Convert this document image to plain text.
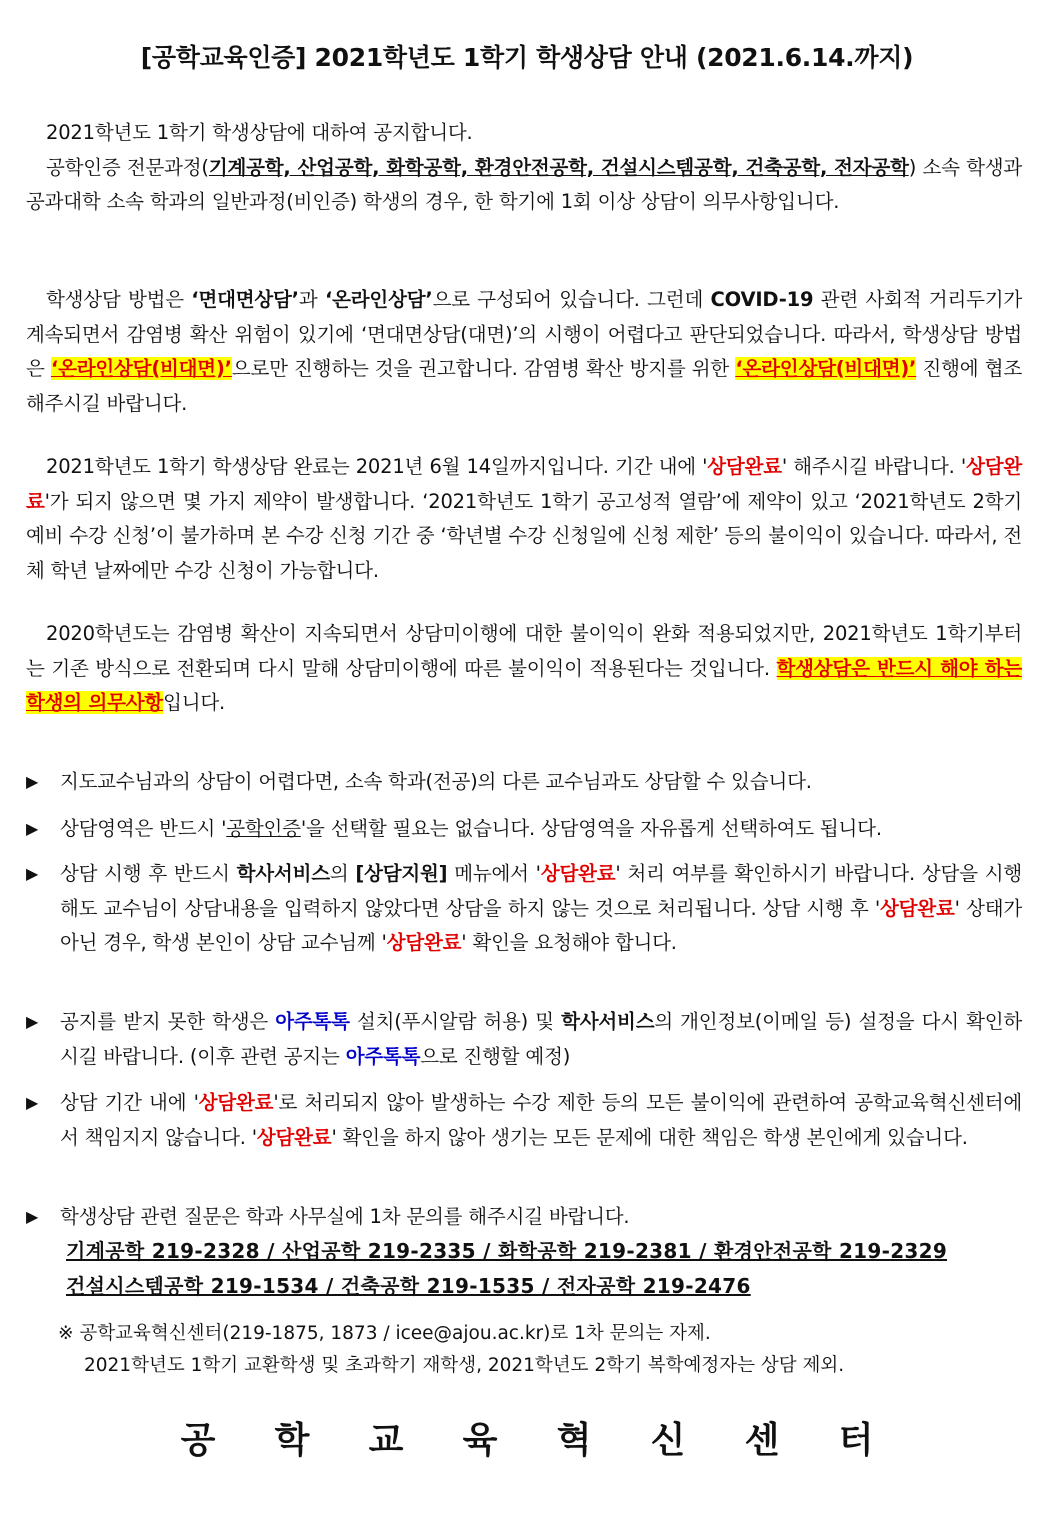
[공학교육인증] 2021학년도 1학기 학생상담 안내 (2021.6.14.까지)
2021학년도 1학기 학생상담에 대하여 공지합니다.
공학인증 전문과정(기계공학, 산업공학, 화학공학, 환경안전공학, 건설시스템공학, 건축공학, 전자공학) 소속 학생과 공과대학 소속 학과의 일반과정(비인증) 학생의 경우, 한 학기에 1회 이상 상담이 의무사항입니다.
학생상담 방법은 ‘면대면상담’과 ‘온라인상담’으로 구성되어 있습니다. 그런데 COVID-19 관련 사회적 거리두기가 계속되면서 감염병 확산 위험이 있기에 ‘면대면상담(대면)’의 시행이 어렵다고 판단되었습니다. 따라서, 학생상담 방법은 ‘온라인상담(비대면)’으로만 진행하는 것을 권고합니다. 감염병 확산 방지를 위한 ‘온라인상담(비대면)’ 진행에 협조해주시길 바랍니다.
2021학년도 1학기 학생상담 완료는 2021년 6월 14일까지입니다. 기간 내에 '상담완료' 해주시길 바랍니다. '상담완료'가 되지 않으면 몇 가지 제약이 발생합니다. ‘2021학년도 1학기 공고성적 열람’에 제약이 있고 ‘2021학년도 2학기 예비 수강 신청’이 불가하며 본 수강 신청 기간 중 ‘학년별 수강 신청일에 신청 제한’ 등의 불이익이 있습니다. 따라서, 전체 학년 날짜에만 수강 신청이 가능합니다.
2020학년도는 감염병 확산이 지속되면서 상담미이행에 대한 불이익이 완화 적용되었지만, 2021학년도 1학기부터는 기존 방식으로 전환되며 다시 말해 상담미이행에 따른 불이익이 적용된다는 것입니다. 학생상담은 반드시 해야 하는 학생의 의무사항입니다.
▶ 지도교수님과의 상담이 어렵다면, 소속 학과(전공)의 다른 교수님과도 상담할 수 있습니다.
▶ 상담영역은 반드시 '공학인증'을 선택할 필요는 없습니다. 상담영역을 자유롭게 선택하여도 됩니다.
▶ 상담 시행 후 반드시 학사서비스의 [상담지원] 메뉴에서 '상담완료' 처리 여부를 확인하시기 바랍니다. 상담을 시행해도 교수님이 상담내용을 입력하지 않았다면 상담을 하지 않는 것으로 처리됩니다. 상담 시행 후 '상담완료' 상태가 아닌 경우, 학생 본인이 상담 교수님께 '상담완료' 확인을 요청해야 합니다.
▶ 공지를 받지 못한 학생은 아주톡톡 설치(푸시알람 허용) 및 학사서비스의 개인정보(이메일 등) 설정을 다시 확인하시길 바랍니다. (이후 관련 공지는 아주톡톡으로 진행할 예정)
▶ 상담 기간 내에 '상담완료'로 처리되지 않아 발생하는 수강 제한 등의 모든 불이익에 관련하여 공학교육혁신센터에서 책임지지 않습니다. '상담완료' 확인을 하지 않아 생기는 모든 문제에 대한 책임은 학생 본인에게 있습니다.
▶ 학생상담 관련 질문은 학과 사무실에 1차 문의를 해주시길 바랍니다.
기계공학 219-2328 / 산업공학 219-2335 / 화학공학 219-2381 / 환경안전공학 219-2329
건설시스템공학 219-1534 / 건축공학 219-1535 / 전자공학 219-2476
※ 공학교육혁신센터(219-1875, 1873 / icee@ajou.ac.kr)로 1차 문의는 자제.
2021학년도 1학기 교환학생 및 초과학기 재학생, 2021학년도 2학기 복학예정자는 상담 제외.
공 학 교 육 혁 신 센 터
